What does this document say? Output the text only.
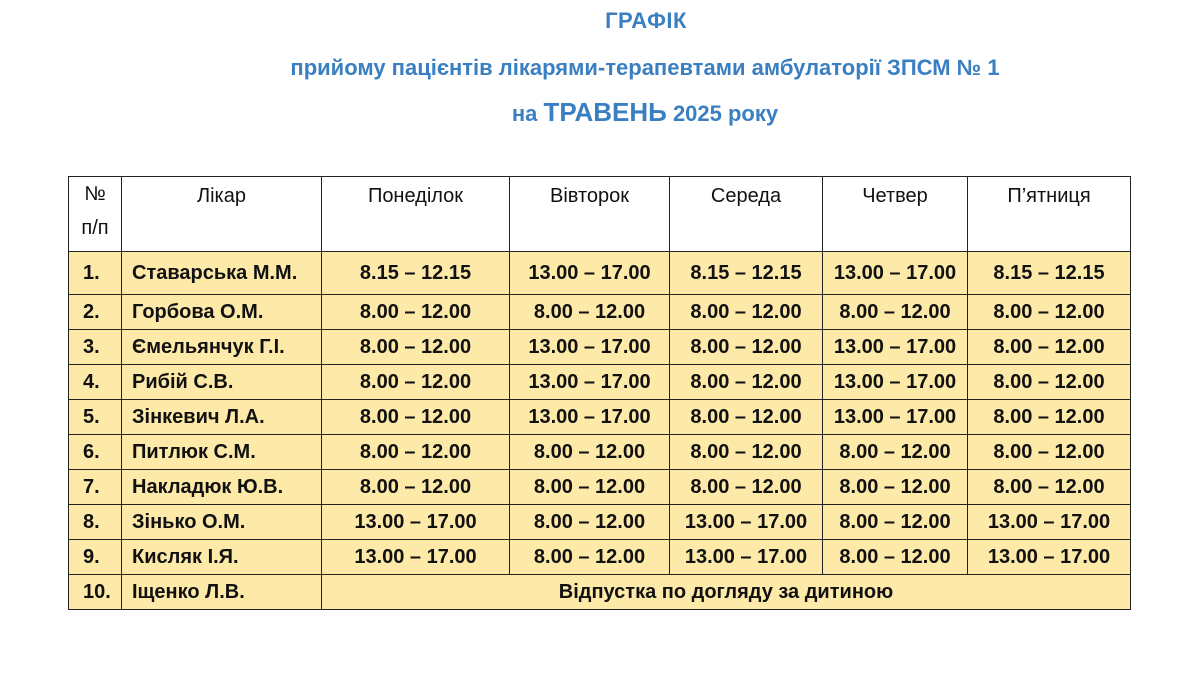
ГРАФІК
прийому пацієнтів лікарями-терапевтами амбулаторії ЗПСМ № 1
на ТРАВЕНЬ 2025 року
№
п/п	Лікар	Понеділок	Вівторок	Середа	Четвер	П’ятниця
1.	Ставарська М.М.	8.15 – 12.15	13.00 – 17.00	8.15 – 12.15	13.00 – 17.00	8.15 – 12.15
2.	Горбова О.М.	8.00 – 12.00	8.00 – 12.00	8.00 – 12.00	8.00 – 12.00	8.00 – 12.00
3.	Ємельянчук Г.І.	8.00 – 12.00	13.00 – 17.00	8.00 – 12.00	13.00 – 17.00	8.00 – 12.00
4.	Рибій С.В.	8.00 – 12.00	13.00 – 17.00	8.00 – 12.00	13.00 – 17.00	8.00 – 12.00
5.	Зінкевич Л.А.	8.00 – 12.00	13.00 – 17.00	8.00 – 12.00	13.00 – 17.00	8.00 – 12.00
6.	Питлюк С.М.	8.00 – 12.00	8.00 – 12.00	8.00 – 12.00	8.00 – 12.00	8.00 – 12.00
7.	Накладюк Ю.В.	8.00 – 12.00	8.00 – 12.00	8.00 – 12.00	8.00 – 12.00	8.00 – 12.00
8.	Зінько О.М.	13.00 – 17.00	8.00 – 12.00	13.00 – 17.00	8.00 – 12.00	13.00 – 17.00
9.	Кисляк І.Я.	13.00 – 17.00	8.00 – 12.00	13.00 – 17.00	8.00 – 12.00	13.00 – 17.00
10.	Іщенко Л.В.	Відпустка по догляду за дитиною				
